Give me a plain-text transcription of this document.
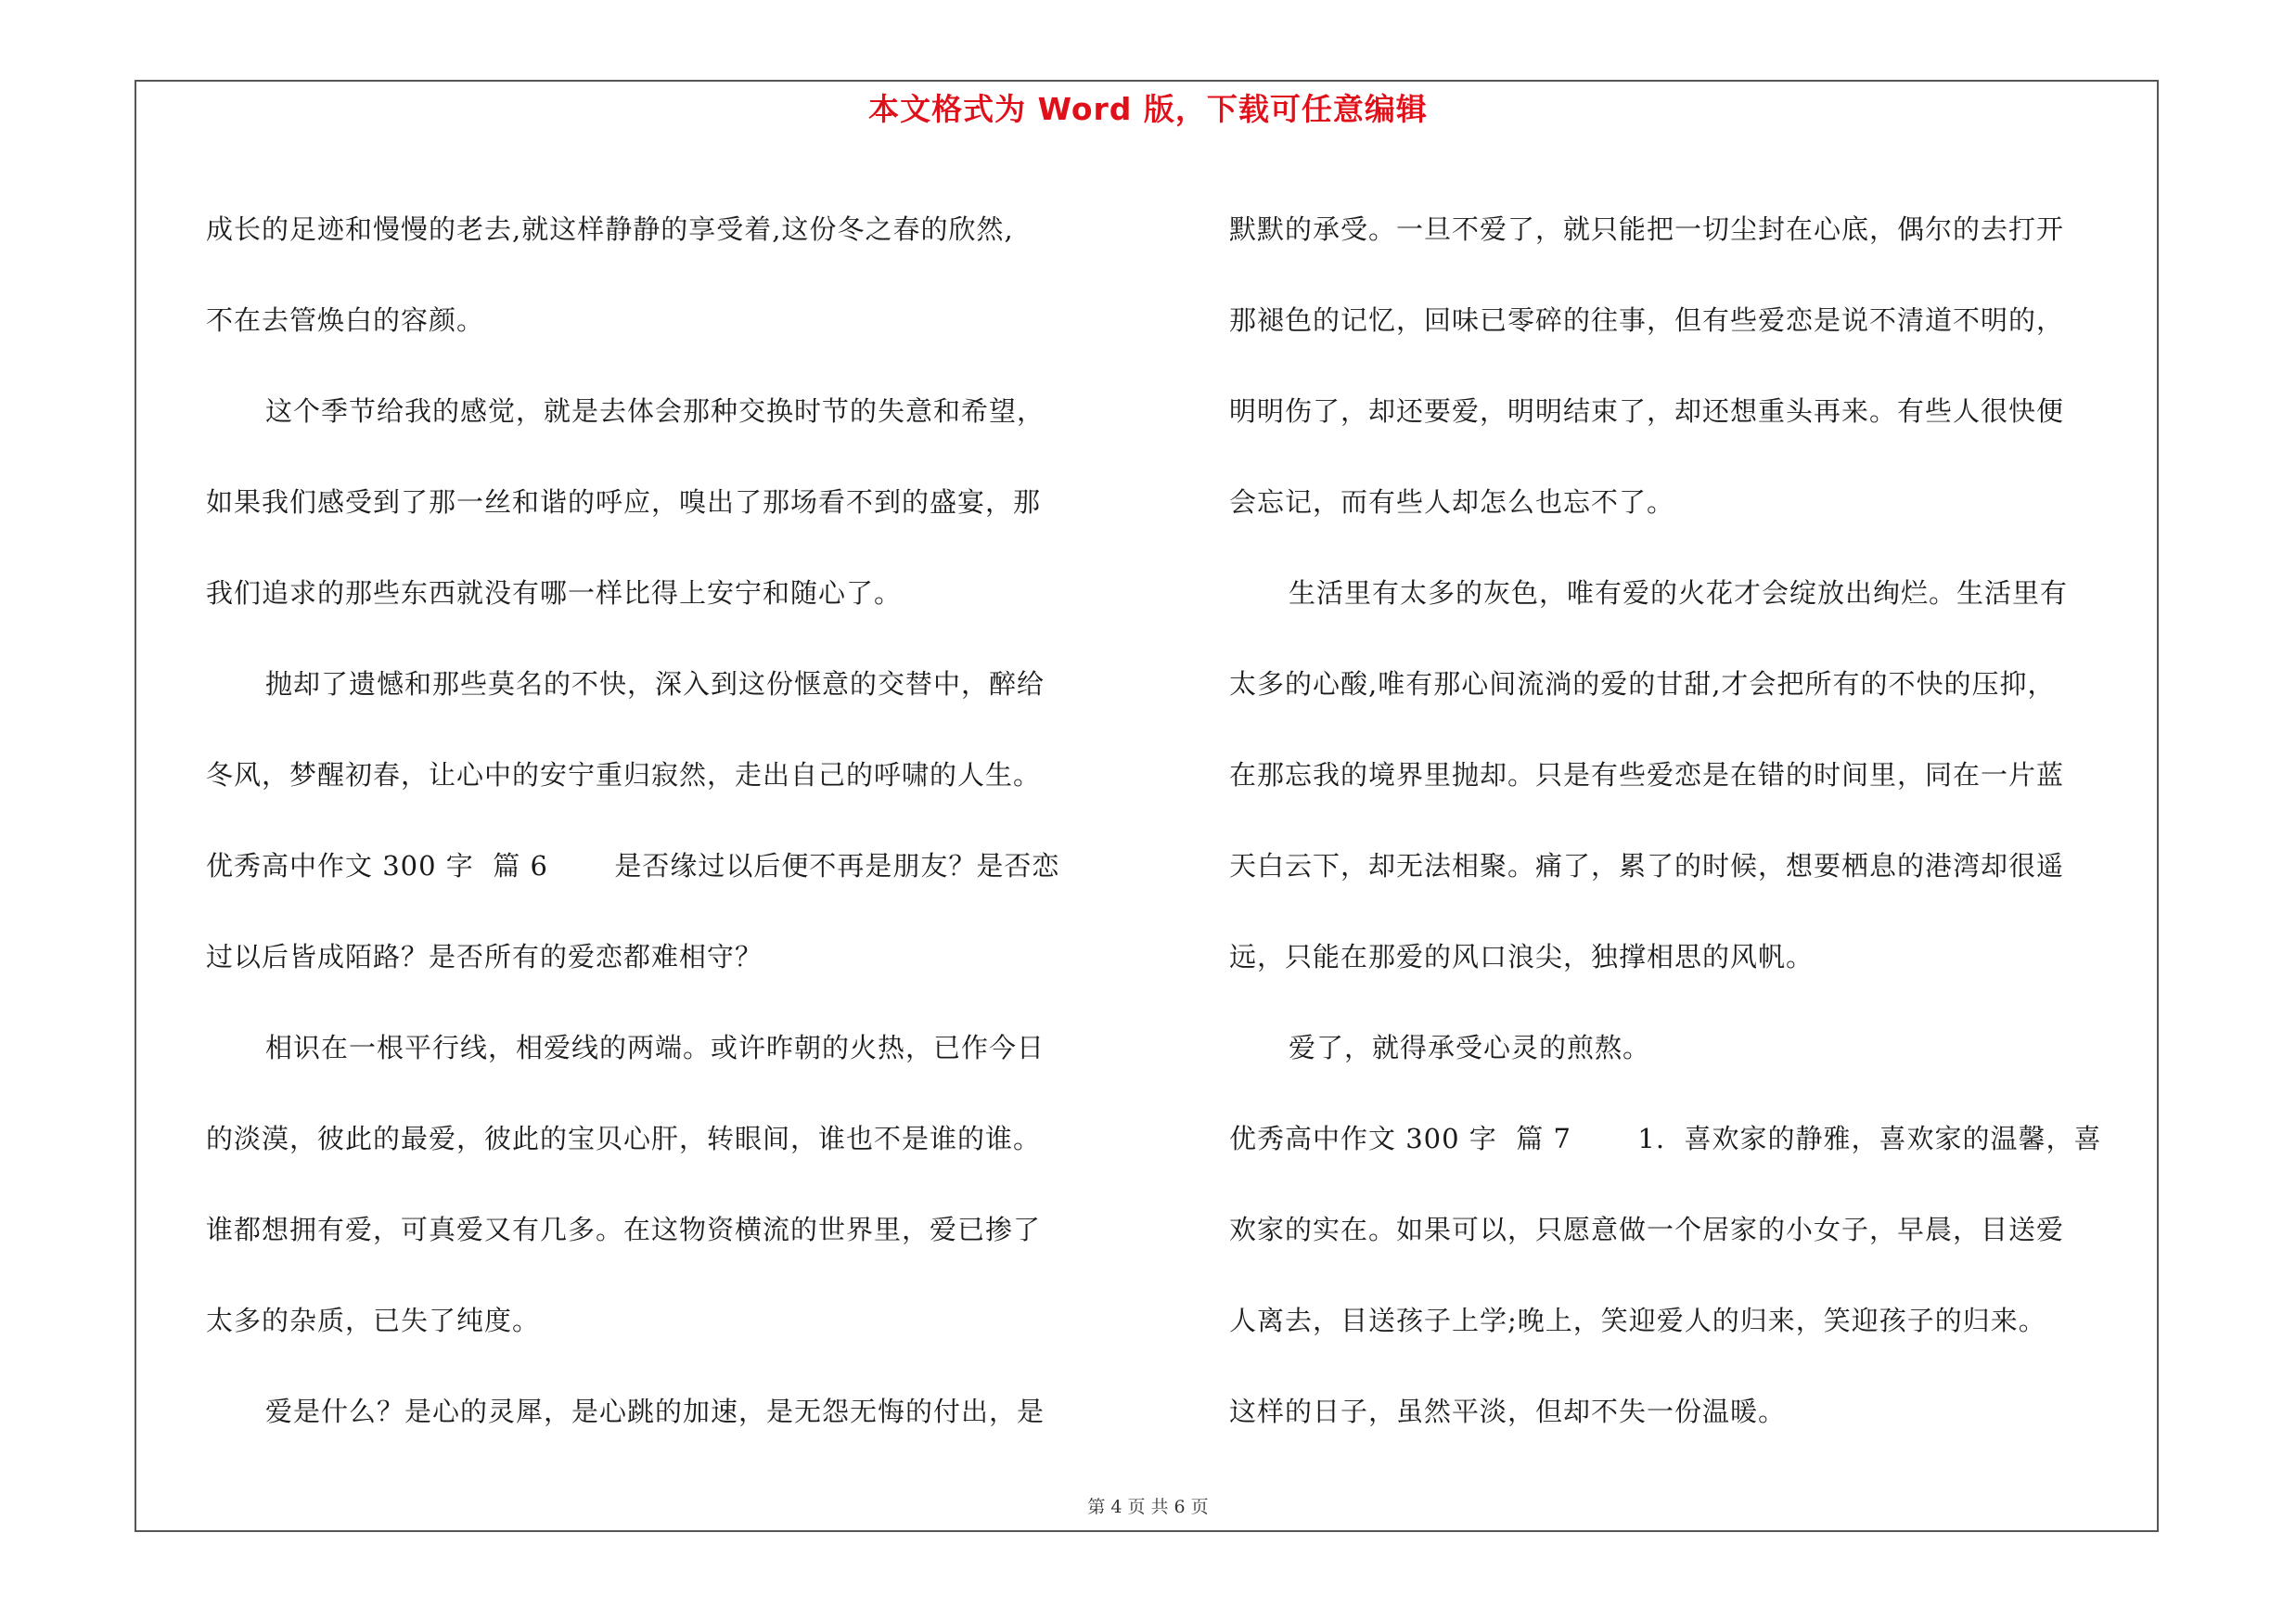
本文格式为 Word 版，下载可任意编辑
成长的足迹和慢慢的老去,就这样静静的享受着,这份冬之春的欣然,
不在去管焕白的容颜。
这个季节给我的感觉，就是去体会那种交换时节的失意和希望，
如果我们感受到了那一丝和谐的呼应，嗅出了那场看不到的盛宴，那
我们追求的那些东西就没有哪一样比得上安宁和随心了。
抛却了遗憾和那些莫名的不快，深入到这份惬意的交替中，醉给
冬风，梦醒初春，让心中的安宁重归寂然，走出自己的呼啸的人生。
优秀高中作文 300 字  篇 6       是否缘过以后便不再是朋友？是否恋
过以后皆成陌路？是否所有的爱恋都难相守？
相识在一根平行线，相爱线的两端。或许昨朝的火热，已作今日
的淡漠，彼此的最爱，彼此的宝贝心肝，转眼间，谁也不是谁的谁。
谁都想拥有爱，可真爱又有几多。在这物资横流的世界里，爱已掺了
太多的杂质，已失了纯度。
爱是什么？是心的灵犀，是心跳的加速，是无怨无悔的付出，是
默默的承受。一旦不爱了，就只能把一切尘封在心底，偶尔的去打开
那褪色的记忆，回味已零碎的往事，但有些爱恋是说不清道不明的，
明明伤了，却还要爱，明明结束了，却还想重头再来。有些人很快便
会忘记，而有些人却怎么也忘不了。
生活里有太多的灰色，唯有爱的火花才会绽放出绚烂。生活里有
太多的心酸,唯有那心间流淌的爱的甘甜,才会把所有的不快的压抑，
在那忘我的境界里抛却。只是有些爱恋是在错的时间里，同在一片蓝
天白云下，却无法相聚。痛了，累了的时候，想要栖息的港湾却很遥
远，只能在那爱的风口浪尖，独撑相思的风帆。
爱了，就得承受心灵的煎熬。
优秀高中作文 300 字  篇 7       1.  喜欢家的静雅，喜欢家的温馨，喜
欢家的实在。如果可以，只愿意做一个居家的小女子，早晨，目送爱
人离去，目送孩子上学;晚上，笑迎爱人的归来，笑迎孩子的归来。
这样的日子，虽然平淡，但却不失一份温暖。
第 4 页 共 6 页
